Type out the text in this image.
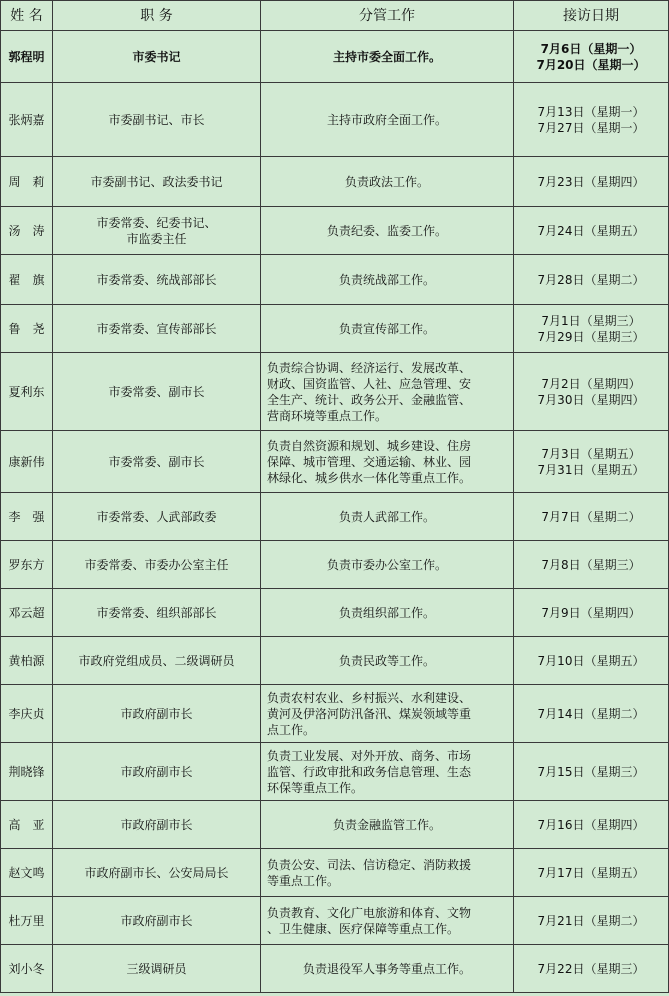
姓 名	职 务	分管工作	接访日期
郭程明	市委书记	主持市委全面工作。	7月6日（星期一）
7月20日（星期一）

张炳嘉	市委副书记、市长	主持市政府全面工作。	7月13日（星期一）
7月27日（星期一）

周　莉	市委副书记、政法委书记	负责政法工作。	7月23日（星期四）

汤　涛	市委常委、纪委书记、
市监委主任	负责纪委、监委工作。	7月24日（星期五）

翟　旗	市委常委、统战部部长	负责统战部工作。	7月28日（星期二）

鲁　尧	市委常委、宣传部部长	负责宣传部工作。	7月1日（星期三）
7月29日（星期三）

夏利东	市委常委、副市长	负责综合协调、经济运行、发展改革、
财政、国资监管、人社、应急管理、安
全生产、统计、政务公开、金融监管、
营商环境等重点工作。	7月2日（星期四）
7月30日（星期四）

康新伟	市委常委、副市长	负责自然资源和规划、城乡建设、住房
保障、城市管理、交通运输、林业、园
林绿化、城乡供水一体化等重点工作。	7月3日（星期五）
7月31日（星期五）

李　强	市委常委、人武部政委	负责人武部工作。	7月7日（星期二）

罗东方	市委常委、市委办公室主任	负责市委办公室工作。	7月8日（星期三）

邓云超	市委常委、组织部部长	负责组织部工作。	7月9日（星期四）

黄柏源	市政府党组成员、二级调研员	负责民政等工作。	7月10日（星期五）

李庆贞	市政府副市长	负责农村农业、乡村振兴、水利建设、
黄河及伊洛河防汛备汛、煤炭领域等重
点工作。	7月14日（星期二）

荆晓锋	市政府副市长	负责工业发展、对外开放、商务、市场
监管、行政审批和政务信息管理、生态
环保等重点工作。	7月15日（星期三）

高　亚	市政府副市长	负责金融监管工作。	7月16日（星期四）

赵文鸣	市政府副市长、公安局局长	负责公安、司法、信访稳定、消防救援
等重点工作。	7月17日（星期五）

杜万里	市政府副市长	负责教育、文化广电旅游和体育、文物
、卫生健康、医疗保障等重点工作。	7月21日（星期二）

刘小冬	三级调研员	负责退役军人事务等重点工作。	7月22日（星期三）
